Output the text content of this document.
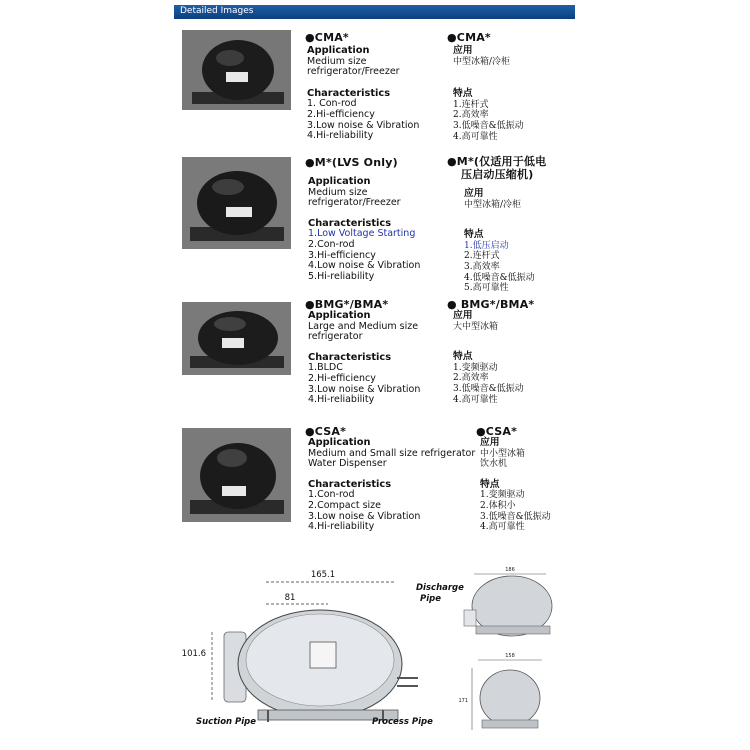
Detailed Images
●CMA*
Application
Medium size
refrigerator/Freezer
Characteristics
1. Con-rod
2.Hi-efficiency
3.Low noise & Vibration
4.Hi-reliability
●CMA*
应用
中型冰箱/冷柜
特点
1.连杆式
2.高效率
3.低噪音&低振动
4.高可靠性
●M*(LVS Only)
Application
Medium size
refrigerator/Freezer
Characteristics
1.Low Voltage Starting
2.Con-rod
3.Hi-efficiency
4.Low noise & Vibration
5.Hi-reliability
●M*(仅适用于低电
压启动压缩机)
应用
中型冰箱/冷柜
特点
1.低压启动
2.连杆式
3.高效率
4.低噪音&低振动
5.高可靠性
●BMG*/BMA*
Application
Large and Medium size
refrigerator
Characteristics
1.BLDC
2.Hi-efficiency
3.Low noise & Vibration
4.Hi-reliability
● BMG*/BMA*
应用
大中型冰箱
特点
1.变频驱动
2.高效率
3.低噪音&低振动
4.高可靠性
●CSA*
Application
Medium and Small size refrigerator
Water Dispenser
Characteristics
1.Con-rod
2.Compact size
3.Low noise & Vibration
4.Hi-reliability
●CSA*
应用
中小型冰箱
饮水机
特点
1.变频驱动
2.体积小
3.低噪音&低振动
4.高可靠性
165.1
81
101.6
Discharge
Pipe
Suction Pipe	Process Pipe
186
158
171
